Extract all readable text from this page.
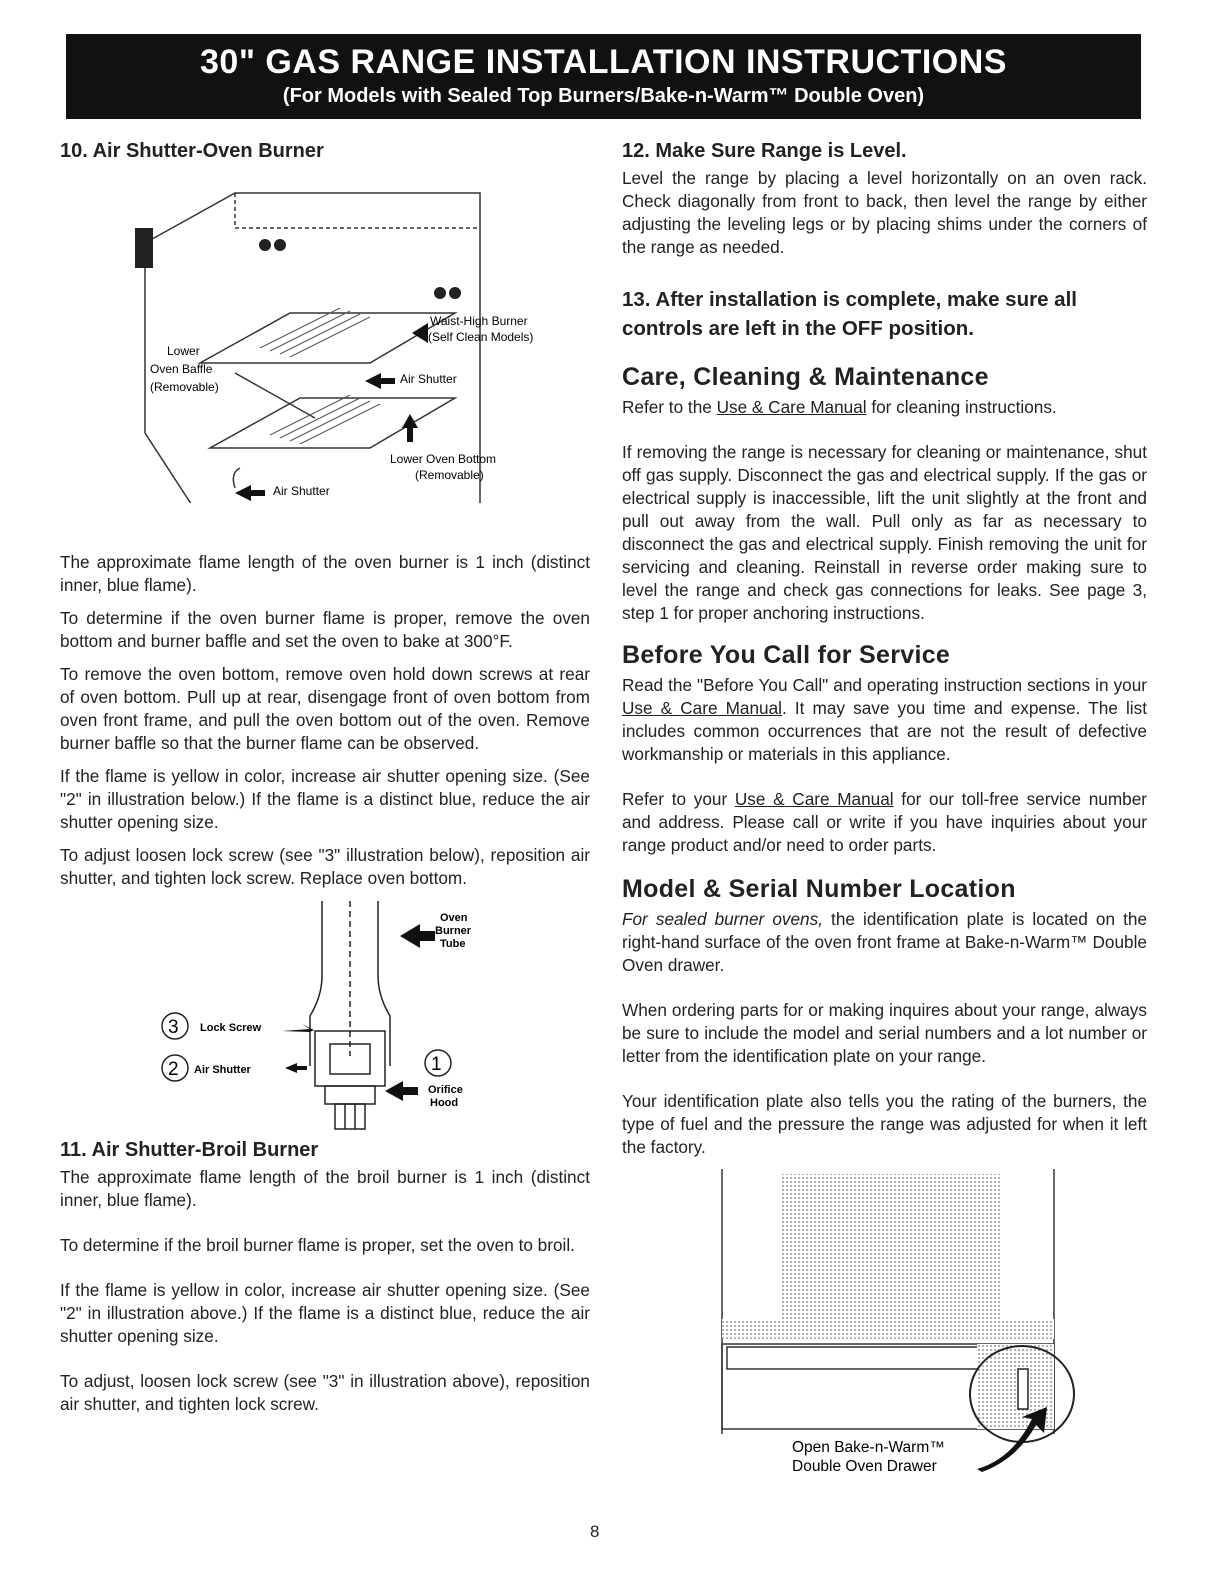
30" GAS RANGE INSTALLATION INSTRUCTIONS
(For Models with Sealed Top Burners/Bake-n-Warm™ Double Oven)
10. Air Shutter-Oven Burner
Waist-High Burner
(Self Clean Models)
Lower
Oven Baffle
(Removable)
Air Shutter
Lower Oven Bottom
(Removable)
Air Shutter

The approximate flame length of the oven burner is 1 inch (distinct inner, blue flame).

To determine if the oven burner flame is proper, remove the oven bottom and burner baffle and set the oven to bake at 300°F.

To remove the oven bottom, remove oven hold down screws at rear of oven bottom. Pull up at rear, disengage front of oven bottom from oven front frame, and pull the oven bottom out of the oven. Remove burner baffle so that the burner flame can be observed.

If the flame is yellow in color, increase air shutter opening size. (See "2" in illustration below.) If the flame is a distinct blue, reduce the air shutter opening size.

To adjust loosen lock screw (see "3" illustration below), reposition air shutter, and tighten lock screw. Replace oven bottom.

Oven
Burner
Tube
3 Lock Screw
2 Air Shutter	1
Orifice
Hood
11. Air Shutter-Broil Burner

The approximate flame length of the broil burner is 1 inch (distinct inner, blue flame).

To determine if the broil burner flame is proper, set the oven to broil.

If the flame is yellow in color, increase air shutter opening size. (See "2" in illustration above.) If the flame is a distinct blue, reduce the air shutter opening size.

To adjust, loosen lock screw (see "3" in illustration above), reposition air shutter, and tighten lock screw.

12. Make Sure Range is Level.

Level the range by placing a level horizontally on an oven rack. Check diagonally from front to back, then level the range by either adjusting the leveling legs or by placing shims under the corners of the range as needed.

13. After installation is complete, make sure all controls are left in the OFF position.
Care, Cleaning & Maintenance

Refer to the Use & Care Manual for cleaning instructions.

If removing the range is necessary for cleaning or maintenance, shut off gas supply. Disconnect the gas and electrical supply. If the gas or electrical supply is inaccessible, lift the unit slightly at the front and pull out away from the wall. Pull only as far as necessary to disconnect the gas and electrical supply. Finish removing the unit for servicing and cleaning. Reinstall in reverse order making sure to level the range and check gas connections for leaks. See page 3, step 1 for proper anchoring instructions.

Before You Call for Service

Read the "Before You Call" and operating instruction sections in your Use & Care Manual. It may save you time and expense. The list includes common occurrences that are not the result of defective workmanship or materials in this appliance.

Refer to your Use & Care Manual for our toll-free service number and address. Please call or write if you have inquiries about your range product and/or need to order parts.

Model & Serial Number Location

For sealed burner ovens, the identification plate is located on the right-hand surface of the oven front frame at Bake-n-Warm™ Double Oven drawer.

When ordering parts for or making inquires about your range, always be sure to include the model and serial numbers and a lot number or letter from the identification plate on your range.

Your identification plate also tells you the rating of the burners, the type of fuel and the pressure the range was adjusted for when it left the factory.

Open Bake-n-Warm™
Double Oven Drawer
8
